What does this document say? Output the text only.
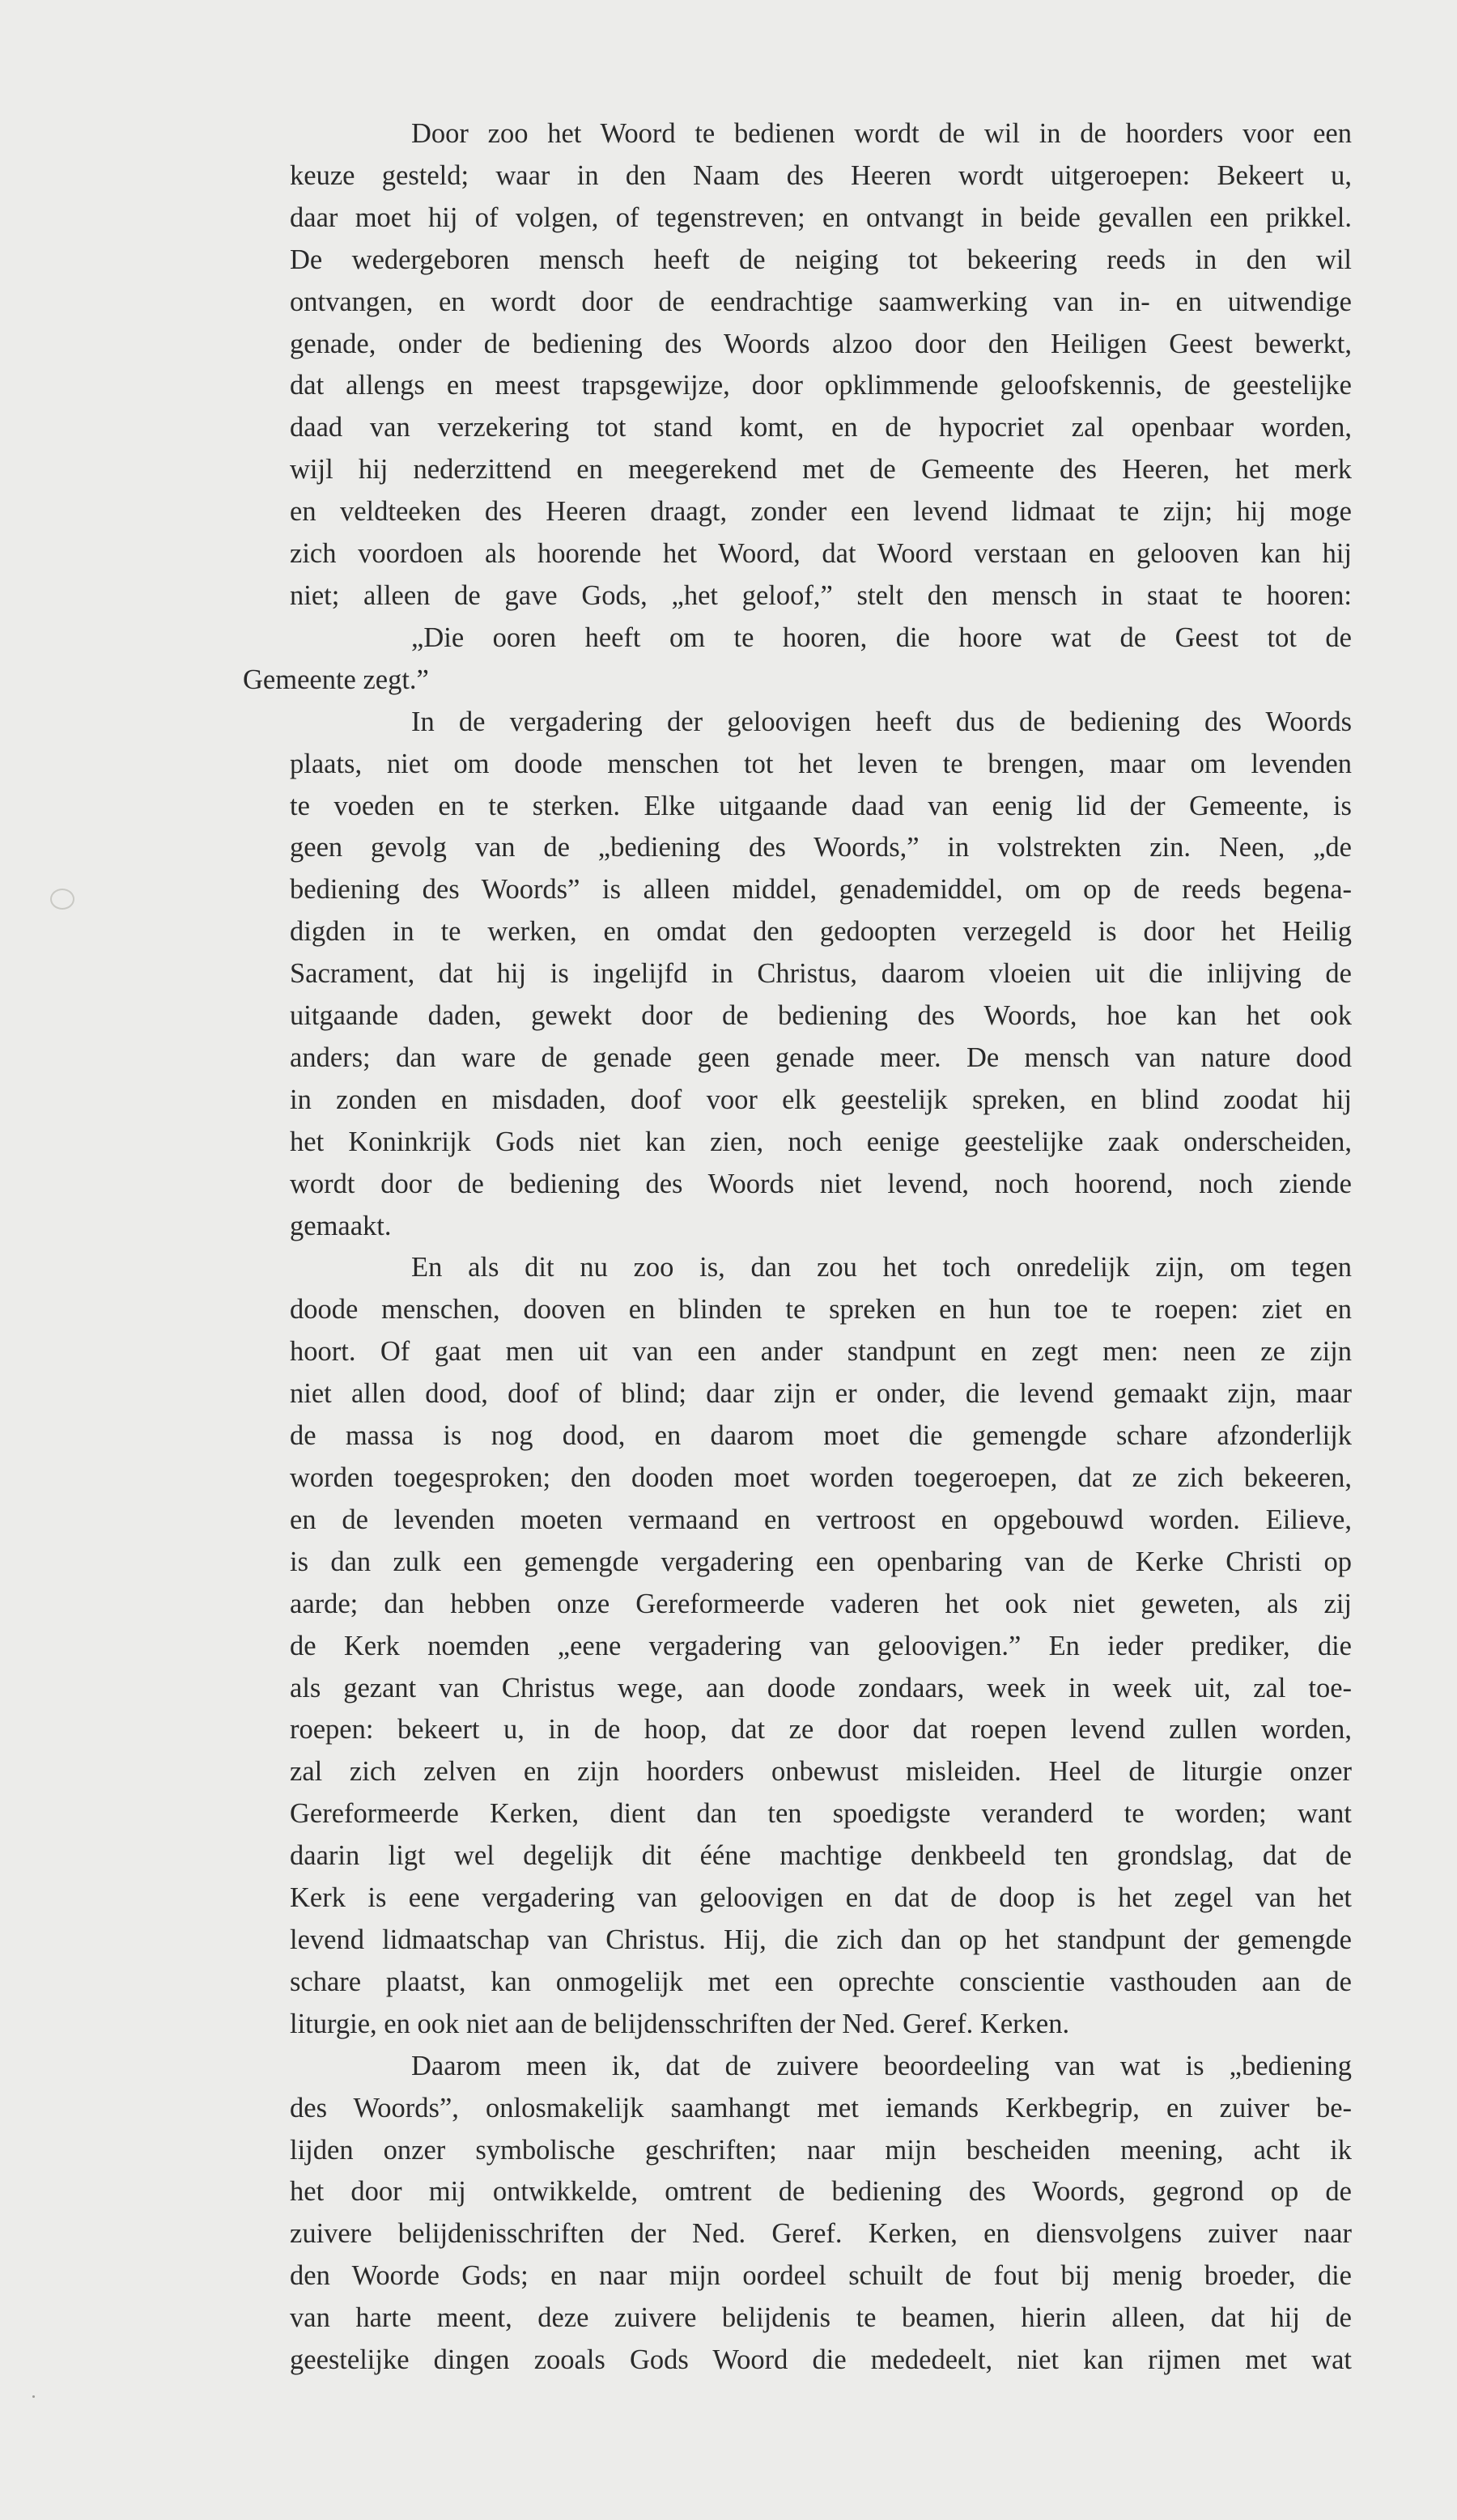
Door zoo het Woord te bedienen wordt de wil in de hoorders voor een
keuze gesteld; waar in den Naam des Heeren wordt uitgeroepen: Bekeert u,
daar moet hij of volgen, of tegenstreven; en ontvangt in beide gevallen een prikkel.
De wedergeboren mensch heeft de neiging tot bekeering reeds in den wil
ontvangen, en wordt door de eendrachtige saamwerking van in- en uitwendige
genade, onder de bediening des Woords alzoo door den Heiligen Geest bewerkt,
dat allengs en meest trapsgewijze, door opklimmende geloofskennis, de geestelijke
daad van verzekering tot stand komt, en de hypocriet zal openbaar worden,
wijl hij nederzittend en meegerekend met de Gemeente des Heeren, het merk
en veldteeken des Heeren draagt, zonder een levend lidmaat te zijn; hij moge
zich voordoen als hoorende het Woord, dat Woord verstaan en gelooven kan hij
niet; alleen de gave Gods, „het geloof,” stelt den mensch in staat te hooren:
„Die ooren heeft om te hooren, die hoore wat de Geest tot de
Gemeente zegt.”
In de vergadering der geloovigen heeft dus de bediening des Woords
plaats, niet om doode menschen tot het leven te brengen, maar om levenden
te voeden en te sterken. Elke uitgaande daad van eenig lid der Gemeente, is
geen gevolg van de „bediening des Woords,” in volstrekten zin. Neen, „de
bediening des Woords” is alleen middel, genademiddel, om op de reeds begena-
digden in te werken, en omdat den gedoopten verzegeld is door het Heilig
Sacrament, dat hij is ingelijfd in Christus, daarom vloeien uit die inlijving de
uitgaande daden, gewekt door de bediening des Woords, hoe kan het ook
anders; dan ware de genade geen genade meer. De mensch van nature dood
in zonden en misdaden, doof voor elk geestelijk spreken, en blind zoodat hij
het Koninkrijk Gods niet kan zien, noch eenige geestelijke zaak onderscheiden,
wordt door de bediening des Woords niet levend, noch hoorend, noch ziende
gemaakt.
En als dit nu zoo is, dan zou het toch onredelijk zijn, om tegen
doode menschen, dooven en blinden te spreken en hun toe te roepen: ziet en
hoort. Of gaat men uit van een ander standpunt en zegt men: neen ze zijn
niet allen dood, doof of blind; daar zijn er onder, die levend gemaakt zijn, maar
de massa is nog dood, en daarom moet die gemengde schare afzonderlijk
worden toegesproken; den dooden moet worden toegeroepen, dat ze zich bekeeren,
en de levenden moeten vermaand en vertroost en opgebouwd worden. Eilieve,
is dan zulk een gemengde vergadering een openbaring van de Kerke Christi op
aarde; dan hebben onze Gereformeerde vaderen het ook niet geweten, als zij
de Kerk noemden „eene vergadering van geloovigen.” En ieder prediker, die
als gezant van Christus wege, aan doode zondaars, week in week uit, zal toe-
roepen: bekeert u, in de hoop, dat ze door dat roepen levend zullen worden,
zal zich zelven en zijn hoorders onbewust misleiden. Heel de liturgie onzer
Gereformeerde Kerken, dient dan ten spoedigste veranderd te worden; want
daarin ligt wel degelijk dit ééne machtige denkbeeld ten grondslag, dat de
Kerk is eene vergadering van geloovigen en dat de doop is het zegel van het
levend lidmaatschap van Christus. Hij, die zich dan op het standpunt der gemengde
schare plaatst, kan onmogelijk met een oprechte conscientie vasthouden aan de
liturgie, en ook niet aan de belijdensschriften der Ned. Geref. Kerken.
Daarom meen ik, dat de zuivere beoordeeling van wat is „bediening
des Woords”, onlosmakelijk saamhangt met iemands Kerkbegrip, en zuiver be-
lijden onzer symbolische geschriften; naar mijn bescheiden meening, acht ik
het door mij ontwikkelde, omtrent de bediening des Woords, gegrond op de
zuivere belijdenisschriften der Ned. Geref. Kerken, en diensvolgens zuiver naar
den Woorde Gods; en naar mijn oordeel schuilt de fout bij menig broeder, die
van harte meent, deze zuivere belijdenis te beamen, hierin alleen, dat hij de
geestelijke dingen zooals Gods Woord die mededeelt, niet kan rijmen met wat
